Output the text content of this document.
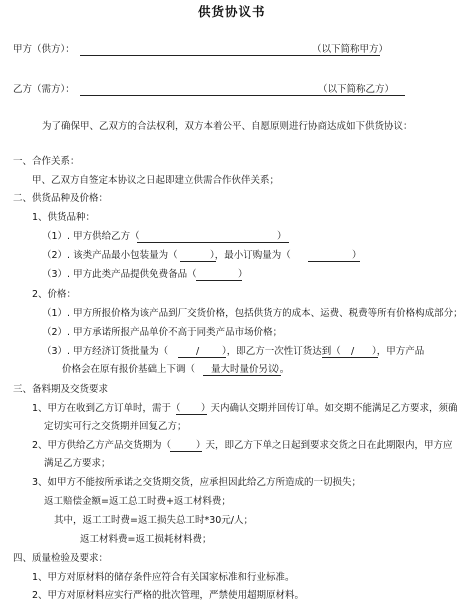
供货协议书
甲方（供方）：	（以下简称甲方）
乙方（需方）：	（以下简称乙方）
为了确保甲、乙双方的合法权利，双方本着公平、自愿原则进行协商达成如下供货协议：
一、合作关系：
甲、乙双方自签定本协议之日起即建立供需合作伙伴关系；
二、供货品种及价格：
1、供货品种：
（1）. 甲方供给乙方（	）
（2）. 该类产品最小包装量为（	），最小订购量为（	）
（3）. 甲方此类产品提供免费备品（	）
2、价格：
（1）. 甲方所报价格为该产品到厂交货价格，包括供货方的成本、运费、税费等所有价格构成部分；
（2）. 甲方承诺所报产品单价不高于同类产品市场价格；
（3）. 甲方经济订货批量为（	/ ），即乙方一次性订货达到（ / ），甲方产品
价格会在原有报价基础上下调（ 量大时量价另议
）。
三、备料期及交货要求
1、甲方在收到乙方订单时，需于（ ）天内确认交期并回传订单。如交期不能满足乙方要求，须确
定切实可行之交货期并回复乙方；
2、甲方供给乙方产品交货期为（	）天，即乙方下单之日起到要求交货之日在此期限内，甲方应
满足乙方要求；
3、如甲方不能按所承诺之交货期交货，应承担因此给乙方所造成的一切损失；
返工赔偿金额=返工总工时费+返工材料费；
其中，返工工时费=返工损失总工时*30元/人；
返工材料费=返工损耗材料费；
四、质量检验及要求：
1、甲方对原材料的储存条件应符合有关国家标准和行业标准。
2、甲方对原材料应实行严格的批次管理，严禁使用超期原材料。
